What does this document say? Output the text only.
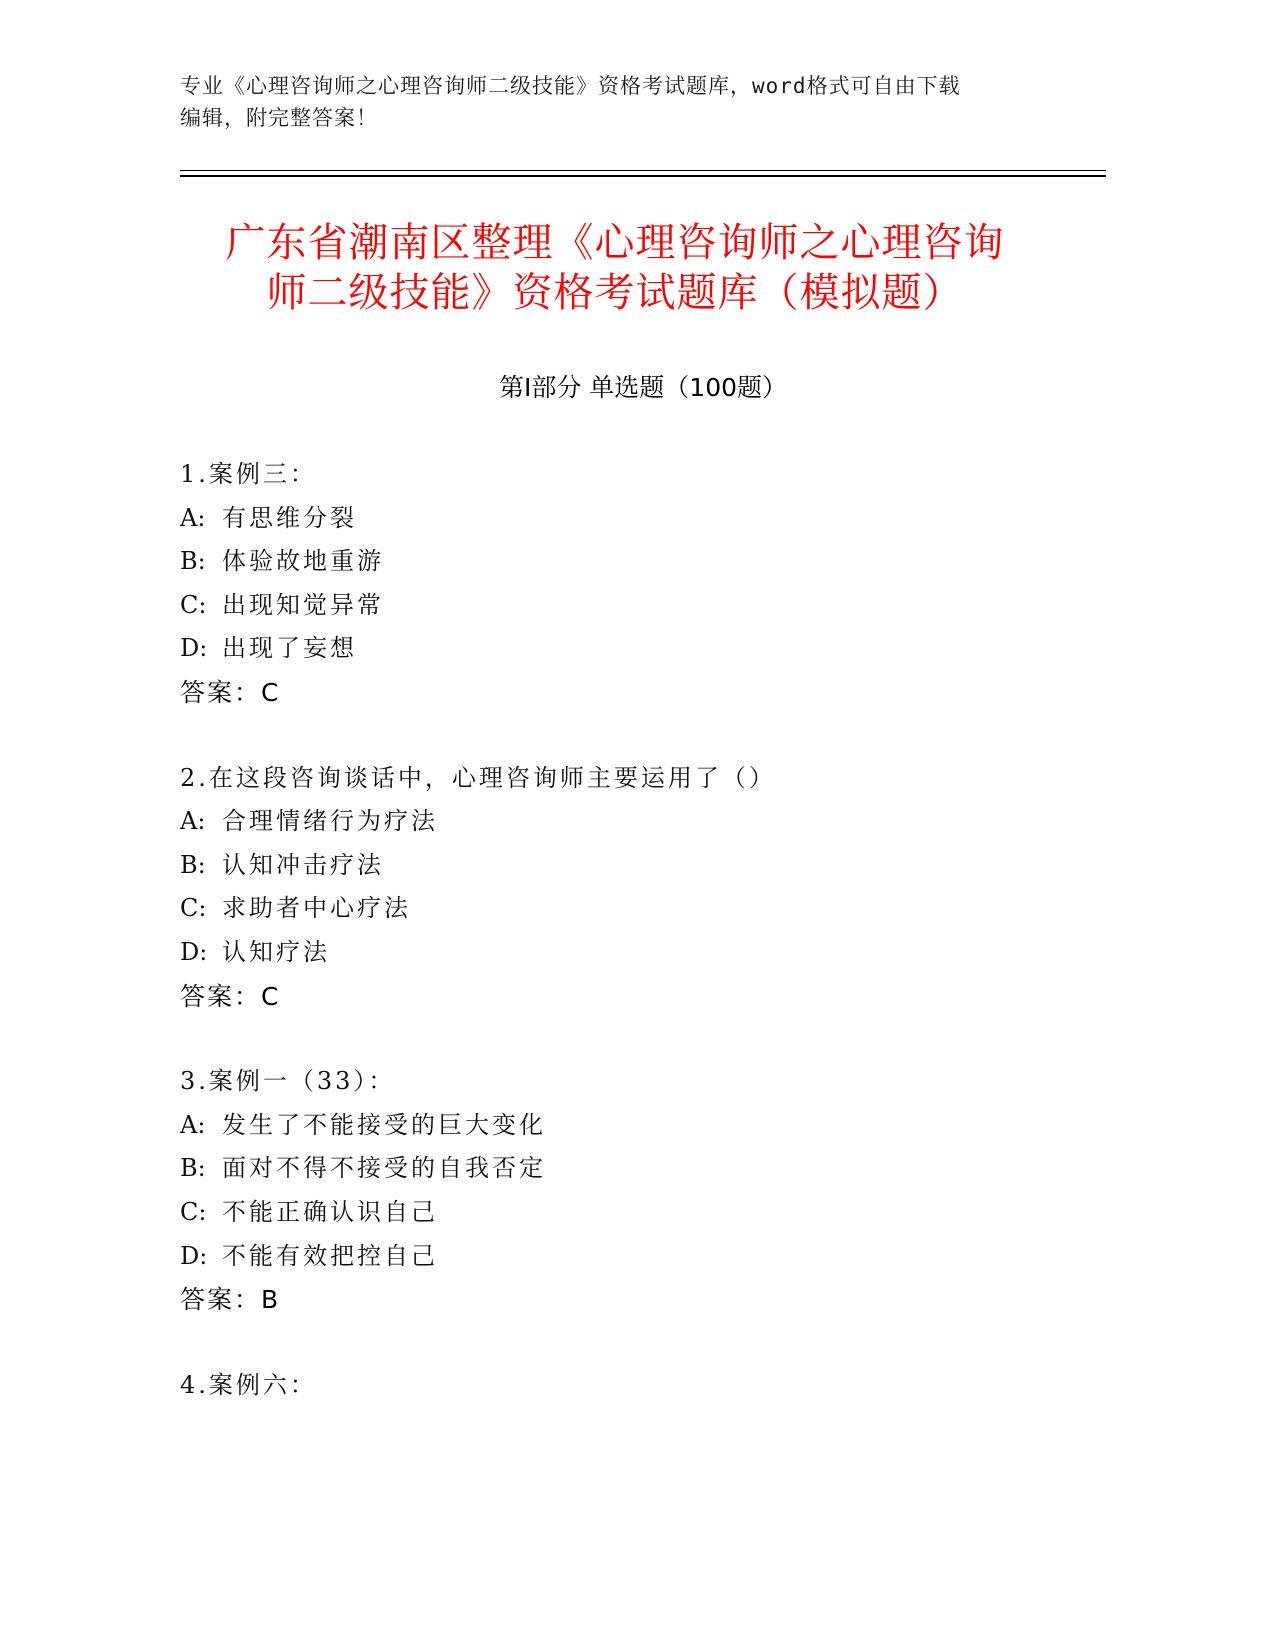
专业《心理咨询师之心理咨询师二级技能》资格考试题库，word格式可自由下载
编辑，附完整答案！
广东省潮南区整理《心理咨询师之心理咨询
师二级技能》资格考试题库（模拟题）
第Ⅰ部分 单选题（100题）
1.案例三：
A: 有思维分裂
B: 体验故地重游
C: 出现知觉异常
D: 出现了妄想
答案：C
2.在这段咨询谈话中，心理咨询师主要运用了（）
A: 合理情绪行为疗法
B: 认知冲击疗法
C: 求助者中心疗法
D: 认知疗法
答案：C
3.案例一（33）：
A: 发生了不能接受的巨大变化
B: 面对不得不接受的自我否定
C: 不能正确认识自己
D: 不能有效把控自己
答案：B
4.案例六：
